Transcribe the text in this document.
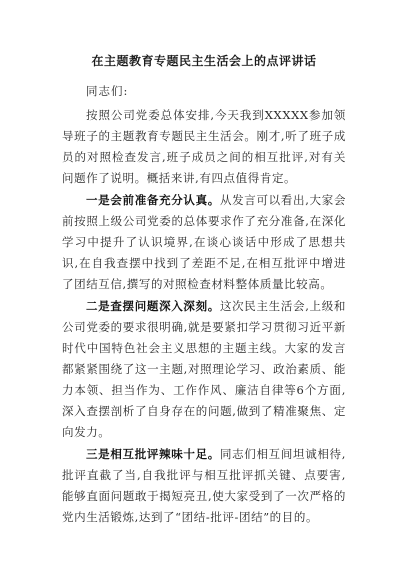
在主题教育专题民主生活会上的点评讲话
同志们:

按照公司党委总体安排,今天我到XXXXX参加领导班子的主题教育专题民主生活会。刚才,听了班子成员的对照检查发言,班子成员之间的相互批评,对有关问题作了说明。概括来讲,有四点值得肯定。

一是会前准备充分认真。从发言可以看出,大家会前按照上级公司党委的总体要求作了充分准备,在深化学习中提升了认识境界,在谈心谈话中形成了思想共识,在自我查摆中找到了差距不足,在相互批评中增进了团结互信,撰写的对照检查材料整体质量比较高。

二是查摆问题深入深刻。这次民主生活会,上级和公司党委的要求很明确,就是要紧扣学习贯彻习近平新时代中国特色社会主义思想的主题主线。大家的发言都紧紧围绕了这一主题,对照理论学习、政治素质、能力本领、担当作为、工作作风、廉洁自律等6个方面,深入查摆剖析了自身存在的问题,做到了精准聚焦、定向发力。

三是相互批评辣味十足。同志们相互间坦诚相待,批评直截了当,自我批评与相互批评抓关键、点要害,能够直面问题敢于揭短亮丑,使大家受到了一次严格的党内生活锻炼,达到了“团结-批评-团结”的目的。
